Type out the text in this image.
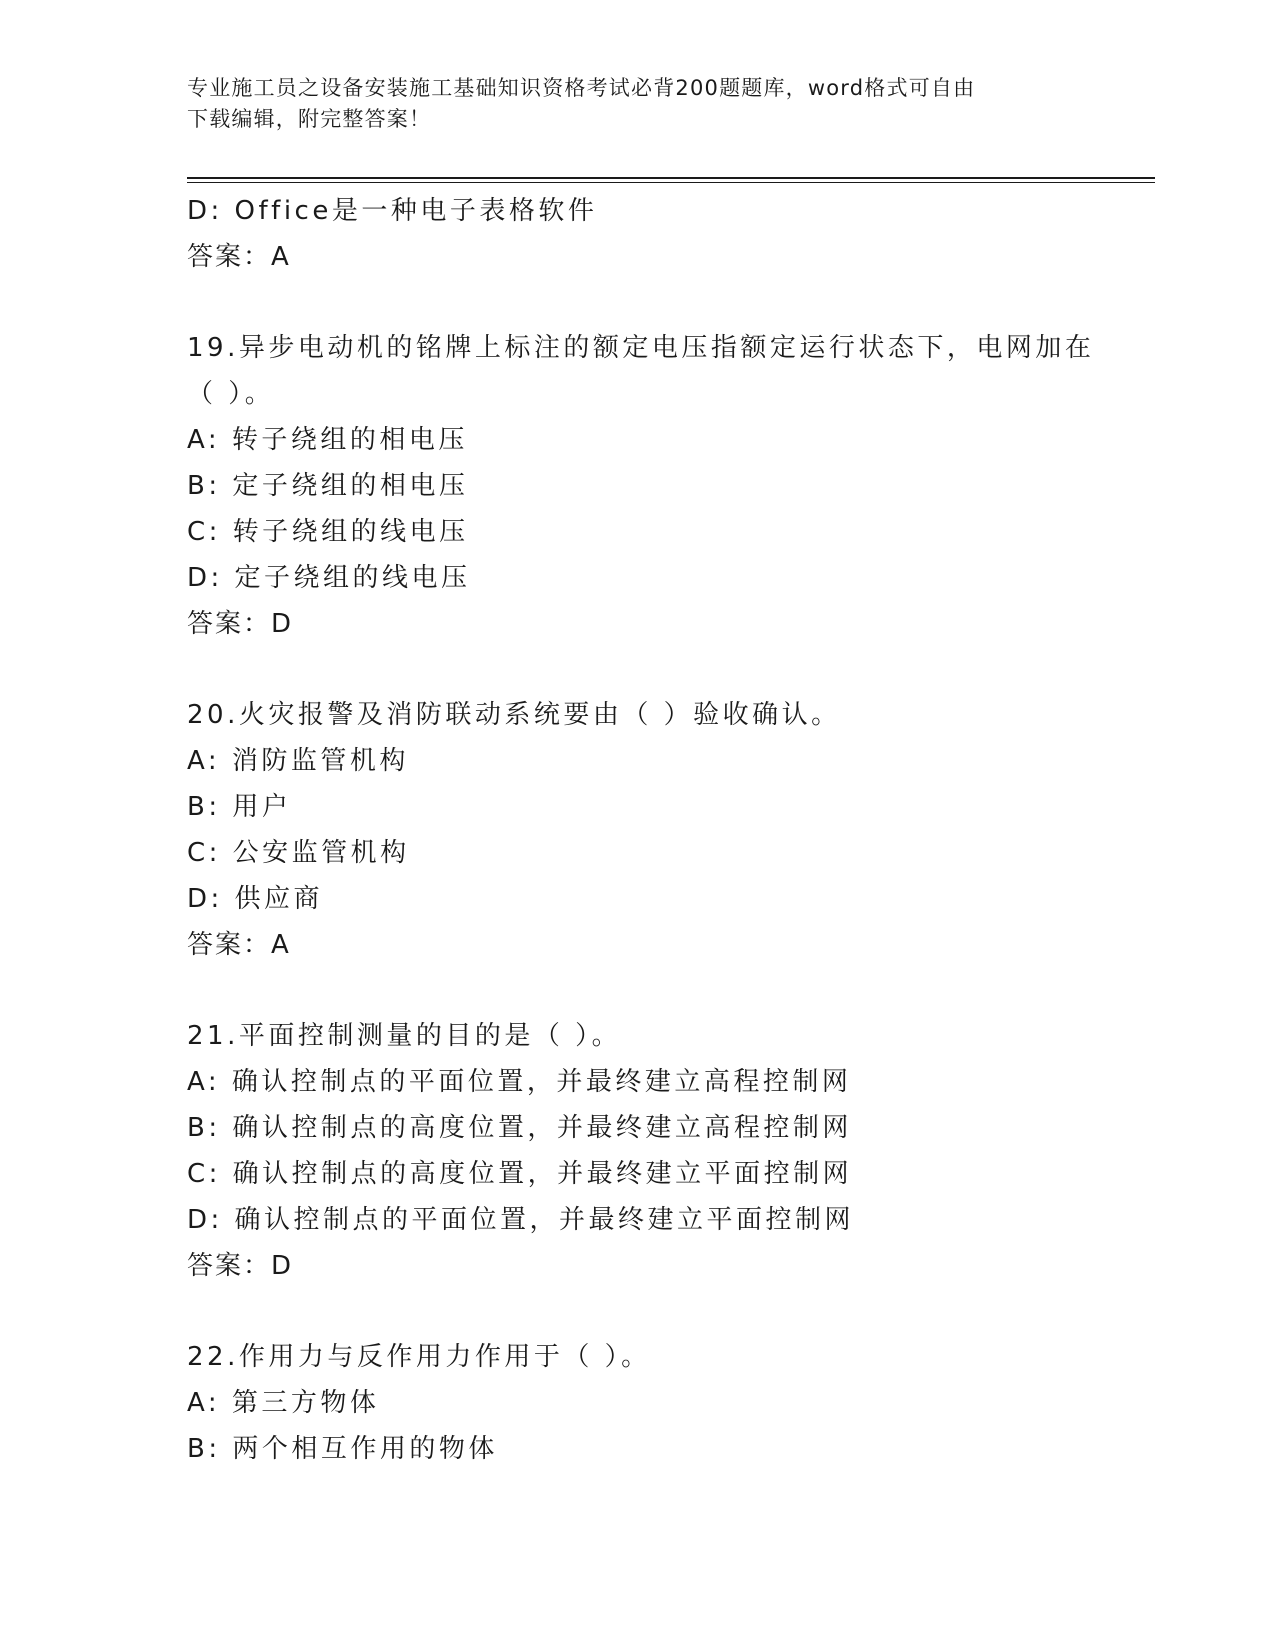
专业施工员之设备安装施工基础知识资格考试必背200题题库，word格式可自由
下载编辑，附完整答案！
D: Office是一种电子表格软件
答案：A
19.异步电动机的铭牌上标注的额定电压指额定运行状态下，电网加在
（ ）。
A: 转子绕组的相电压
B: 定子绕组的相电压
C: 转子绕组的线电压
D: 定子绕组的线电压
答案：D
20.火灾报警及消防联动系统要由（ ）验收确认。
A: 消防监管机构
B: 用户
C: 公安监管机构
D: 供应商
答案：A
21.平面控制测量的目的是（ ）。
A: 确认控制点的平面位置，并最终建立高程控制网
B: 确认控制点的高度位置，并最终建立高程控制网
C: 确认控制点的高度位置，并最终建立平面控制网
D: 确认控制点的平面位置，并最终建立平面控制网
答案：D
22.作用力与反作用力作用于（ ）。
A: 第三方物体
B: 两个相互作用的物体
